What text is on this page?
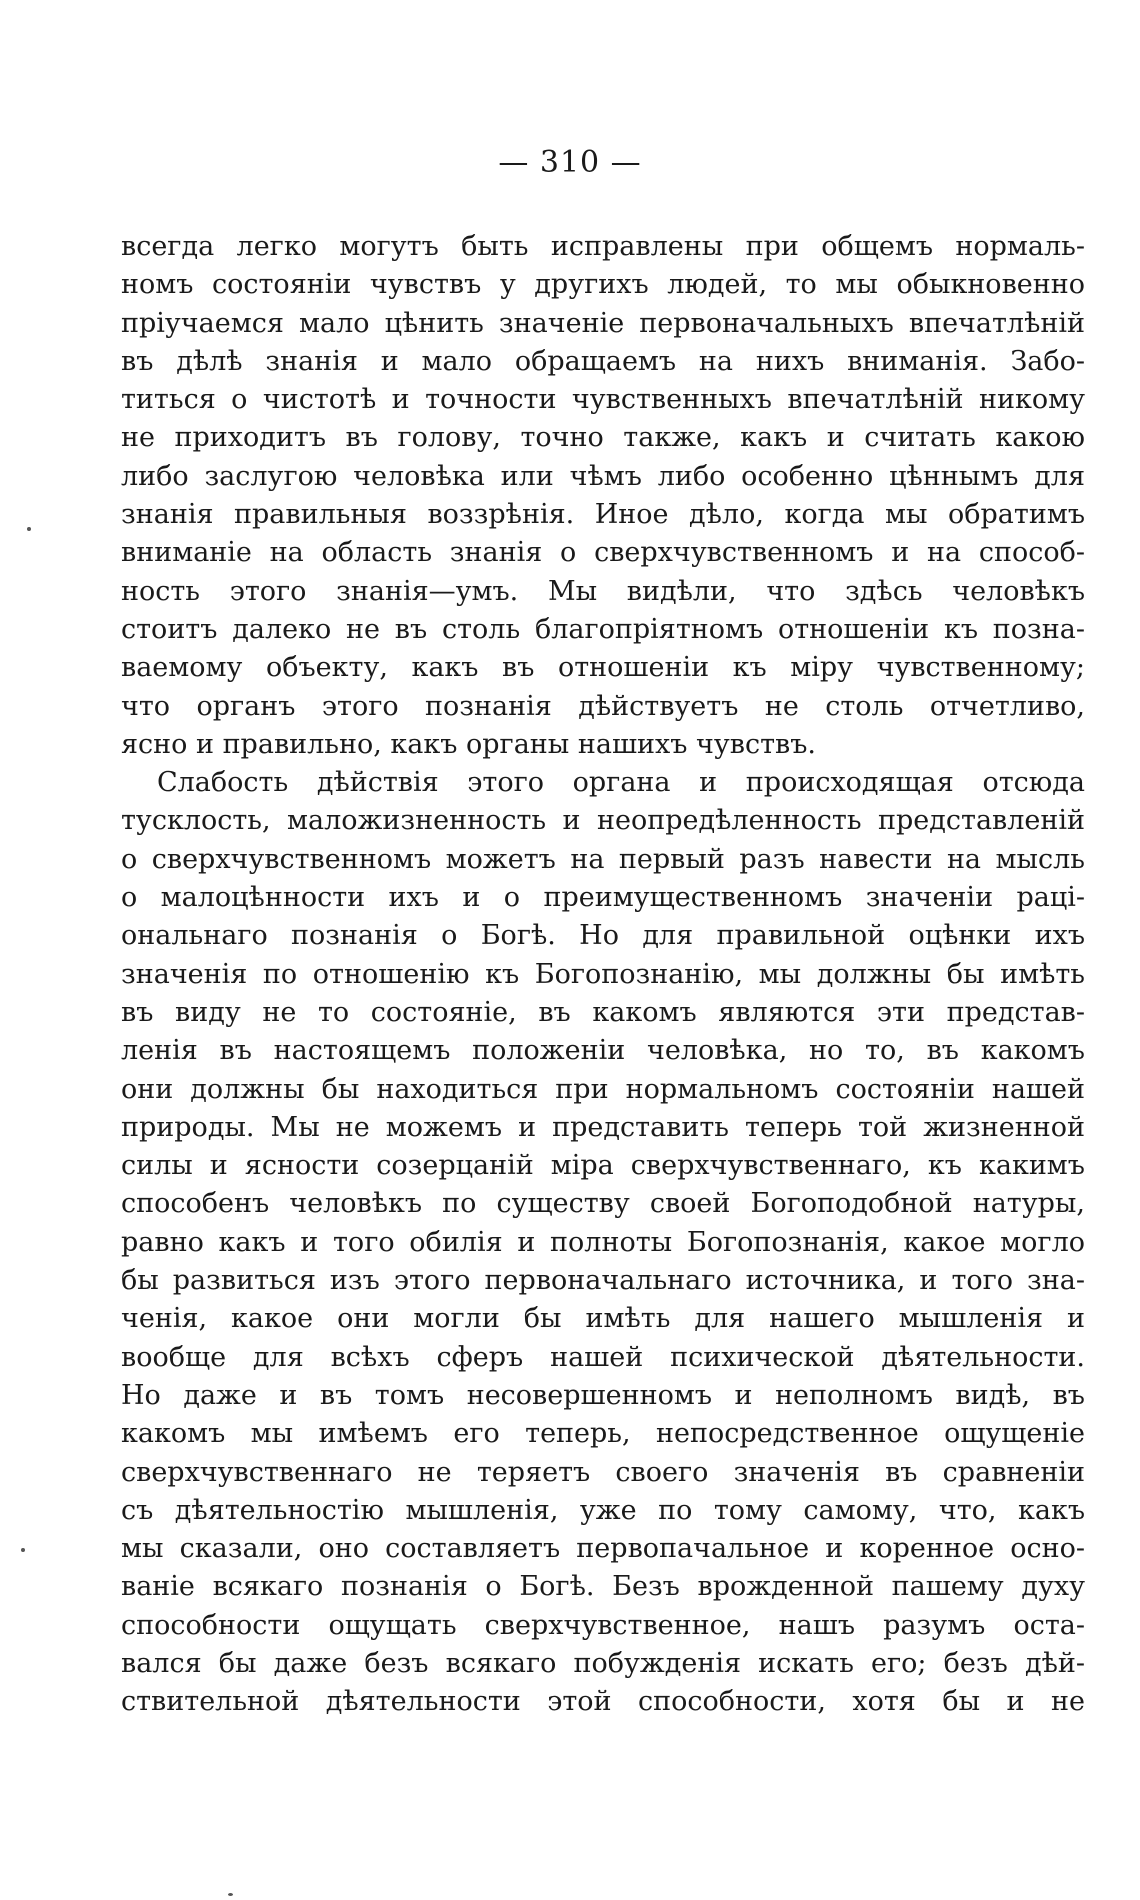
— 310 —
всегда легко могутъ быть исправлены при общемъ нормаль-
номъ состояніи чувствъ у другихъ людей, то мы обыкновенно
пріучаемся мало цѣнить значеніе первоначальныхъ впечатлѣній
въ дѣлѣ знанія и мало обращаемъ на нихъ вниманія. Забо-
титься о чистотѣ и точности чувственныхъ впечатлѣній никому
не приходитъ въ голову, точно также, какъ и считать какою
либо заслугою человѣка или чѣмъ либо особенно цѣннымъ для
знанія правильныя воззрѣнія. Иное дѣло, когда мы обратимъ
вниманіе на область знанія о сверхчувственномъ и на способ-
ность этого знанія—умъ. Мы видѣли, что здѣсь человѣкъ
стоитъ далеко не въ столь благопріятномъ отношеніи къ позна-
ваемому объекту, какъ въ отношеніи къ міру чувственному;
что органъ этого познанія дѣйствуетъ не столь отчетливо,
ясно и правильно, какъ органы нашихъ чувствъ.
Слабость дѣйствія этого органа и происходящая отсюда
тусклость, маложизненность и неопредѣленность представленій
о сверхчувственномъ можетъ на первый разъ навести на мысль
о малоцѣнности ихъ и о преимущественномъ значеніи раці-
ональнаго познанія о Богѣ. Но для правильной оцѣнки ихъ
значенія по отношенію къ Богопознанію, мы должны бы имѣть
въ виду не то состояніе, въ какомъ являются эти представ-
ленія въ настоящемъ положеніи человѣка, но то, въ какомъ
они должны бы находиться при нормальномъ состояніи нашей
природы. Мы не можемъ и представить теперь той жизненной
силы и ясности созерцаній міра сверхчувственнаго, къ какимъ
способенъ человѣкъ по существу своей Богоподобной натуры,
равно какъ и того обилія и полноты Богопознанія, какое могло
бы развиться изъ этого первоначальнаго источника, и того зна-
ченія, какое они могли бы имѣть для нашего мышленія и
вообще для всѣхъ сферъ нашей психической дѣятельности.
Но даже и въ томъ несовершенномъ и неполномъ видѣ, въ
какомъ мы имѣемъ его теперь, непосредственное ощущеніе
сверхчувственнаго не теряетъ своего значенія въ сравненіи
съ дѣятельностію мышленія, уже по тому самому, что, какъ
мы сказали, оно составляетъ первопачальное и коренное осно-
ваніе всякаго познанія о Богѣ. Безъ врожденной пашему духу
способности ощущать сверхчувственное, нашъ разумъ оста-
вался бы даже безъ всякаго побужденія искать его; безъ дѣй-
ствительной дѣятельности этой способности, хотя бы и не
